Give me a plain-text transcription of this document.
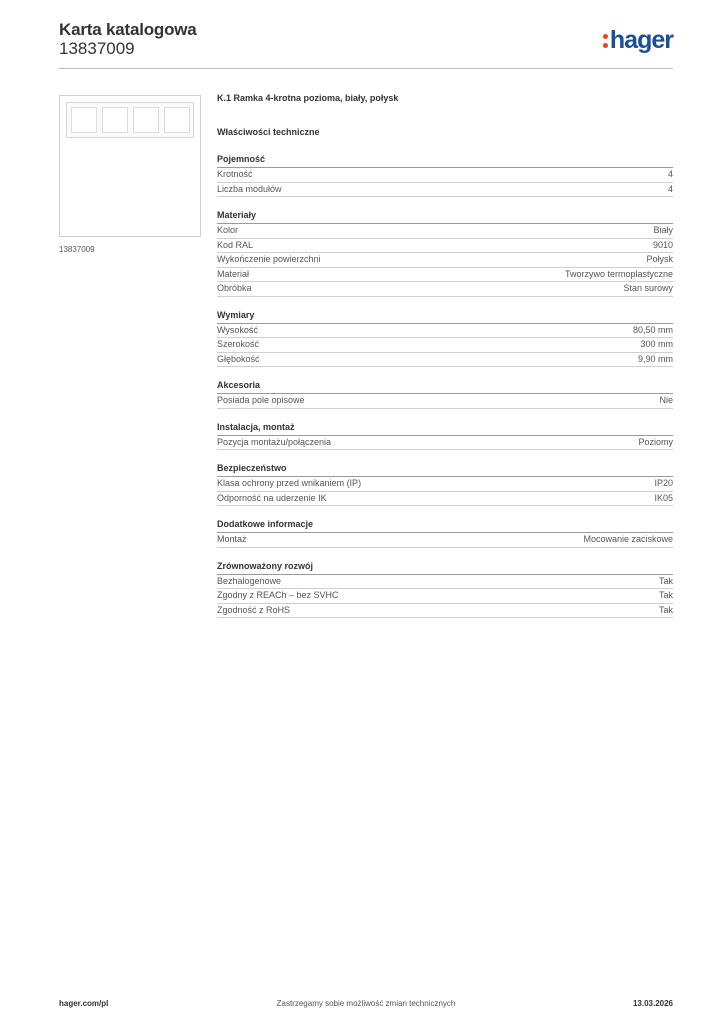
Karta katalogowa
13837009	hager
13837009
K.1 Ramka 4-krotna pozioma, biały, połysk
Właściwości techniczne
Pojemność
Krotność	4
Liczba modułów	4
Materiały
Kolor	Biały
Kod RAL	9010
Wykończenie powierzchni	Połysk
Materiał	Tworzywo termoplastyczne
Obróbka	Stan surowy
Wymiary
Wysokość	80,50 mm
Szerokość	300 mm
Głębokość	9,90 mm
Akcesoria
Posiada pole opisowe	Nie
Instalacja, montaż
Pozycja montażu/połączenia	Poziomy
Bezpieczeństwo
Klasa ochrony przed wnikaniem (IP)	IP20
Odporność na uderzenie IK	IK05
Dodatkowe informacje
Montaż	Mocowanie zaciskowe
Zrównoważony rozwój
Bezhalogenowe	Tak
Zgodny z REACh – bez SVHC	Tak
Zgodność z RoHS	Tak
Zastrzegamy sobie możliwość zmian technicznych
hager.com/pl	13.03.2026
